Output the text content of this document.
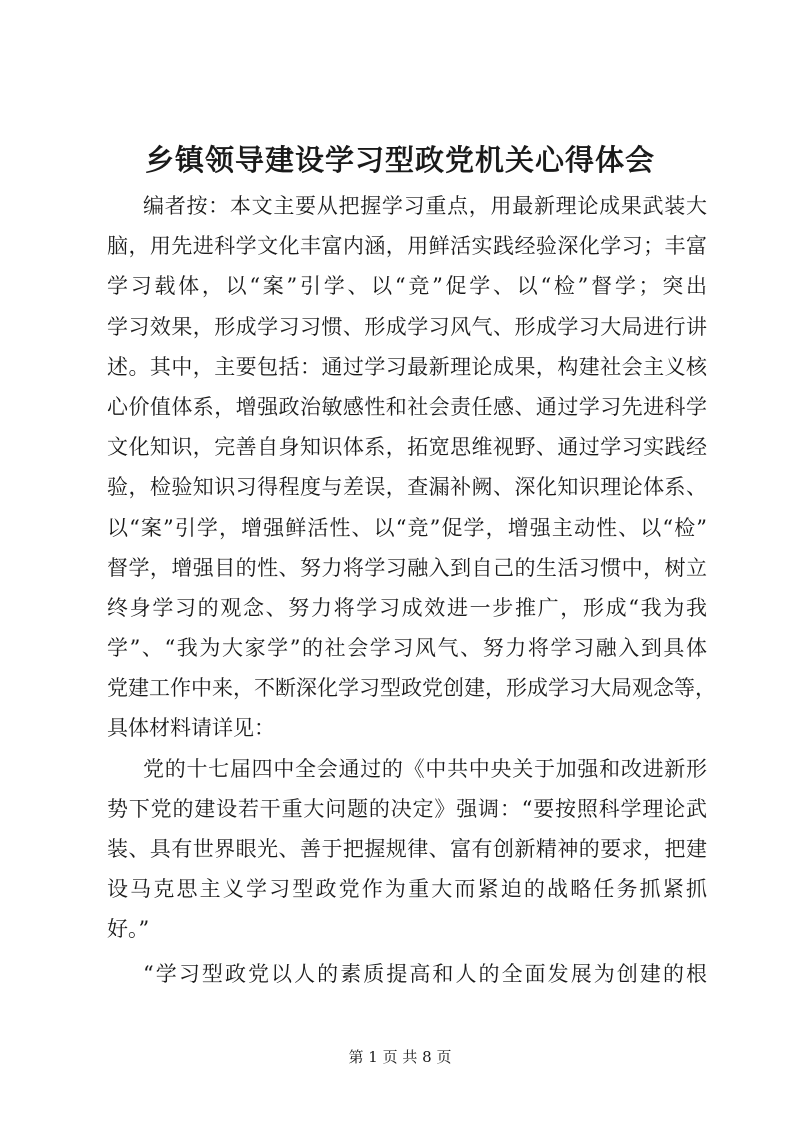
乡镇领导建设学习型政党机关心得体会
编者按：本文主要从把握学习重点，用最新理论成果武装大
脑，用先进科学文化丰富内涵，用鲜活实践经验深化学习；丰富
学习载体，以“案”引学、以“竞”促学、以“检”督学；突出
学习效果，形成学习习惯、形成学习风气、形成学习大局进行讲
述。其中，主要包括：通过学习最新理论成果，构建社会主义核
心价值体系，增强政治敏感性和社会责任感、通过学习先进科学
文化知识，完善自身知识体系，拓宽思维视野、通过学习实践经
验，检验知识习得程度与差误，查漏补阙、深化知识理论体系、
以“案”引学，增强鲜活性、以“竞”促学，增强主动性、以“检”
督学，增强目的性、努力将学习融入到自己的生活习惯中，树立
终身学习的观念、努力将学习成效进一步推广，形成“我为我
学”、“我为大家学”的社会学习风气、努力将学习融入到具体
党建工作中来，不断深化学习型政党创建，形成学习大局观念等，
具体材料请详见：
党的十七届四中全会通过的《中共中央关于加强和改进新形
势下党的建设若干重大问题的决定》强调：“要按照科学理论武
装、具有世界眼光、善于把握规律、富有创新精神的要求，把建
设马克思主义学习型政党作为重大而紧迫的战略任务抓紧抓
好。”
“学习型政党以人的素质提高和人的全面发展为创建的根
第 1 页 共 8 页
